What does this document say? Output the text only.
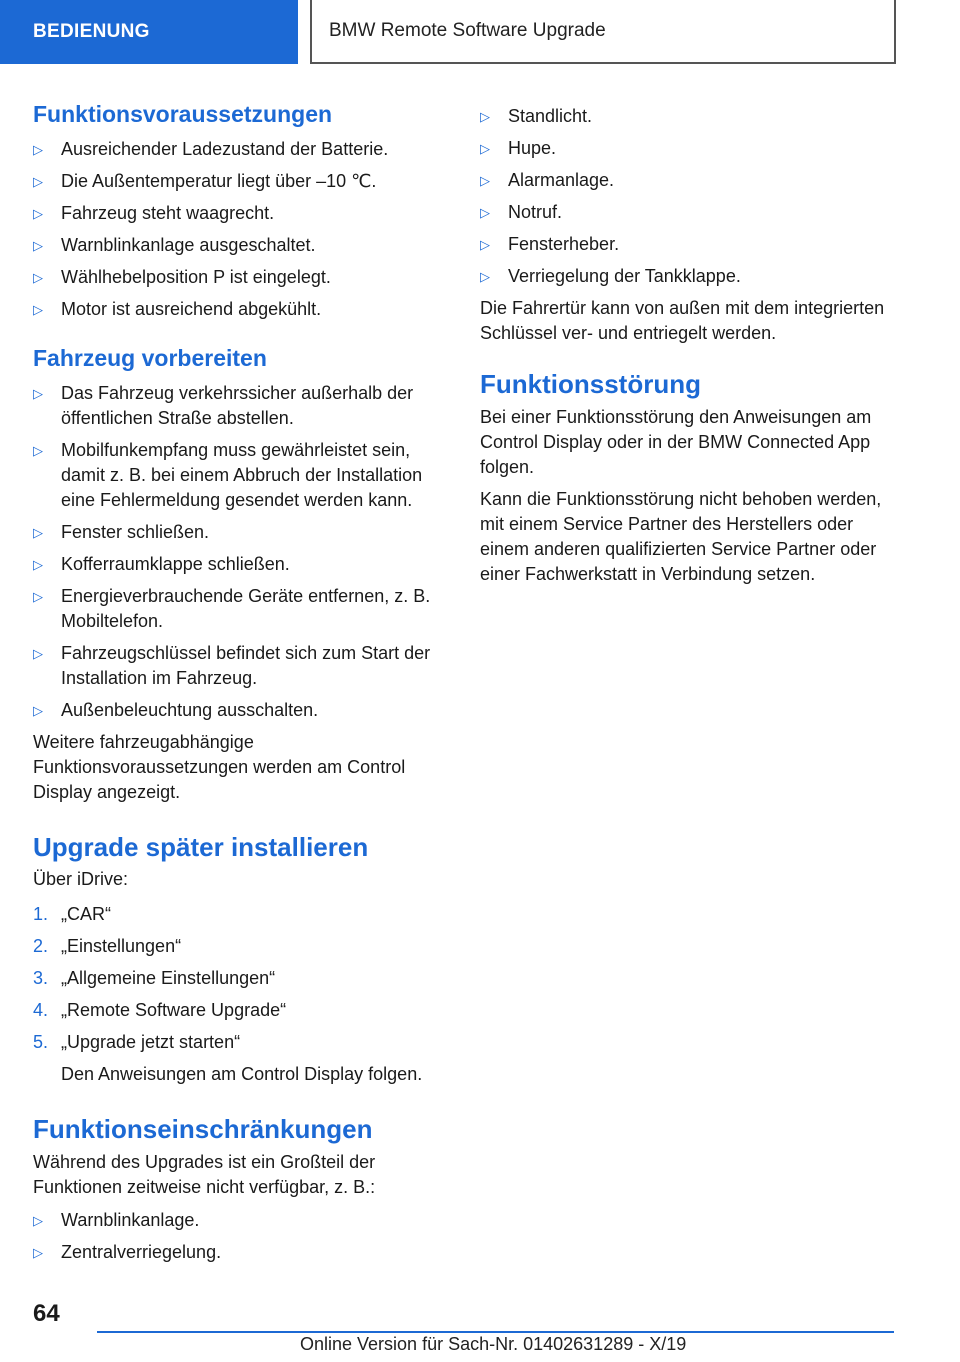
BEDIENUNG	BMW Remote Software Upgrade
Funktionsvoraussetzungen
▷	Ausreichender Ladezustand der Batterie.
▷	Die Außentemperatur liegt über –10 ℃.
▷	Fahrzeug steht waagrecht.
▷	Warnblinkanlage ausgeschaltet.
▷	Wählhebelposition P ist eingelegt.
▷	Motor ist ausreichend abgekühlt.
Fahrzeug vorbereiten
▷	Das Fahrzeug verkehrssicher außerhalb der öffentlichen Straße abstellen.
▷	Mobilfunkempfang muss gewährleistet sein, damit z. B. bei einem Abbruch der Installation eine Fehlermeldung gesendet werden kann.
▷	Fenster schließen.
▷	Kofferraumklappe schließen.
▷	Energieverbrauchende Geräte entfernen, z. B. Mobiltelefon.
▷	Fahrzeugschlüssel befindet sich zum Start der Installation im Fahrzeug.
▷	Außenbeleuchtung ausschalten.

Weitere fahrzeugabhängige Funktionsvoraussetzungen werden am Control Display angezeigt.

Upgrade später installieren

Über iDrive:

1. „CAR“
2. „Einstellungen“
3. „Allgemeine Einstellungen“
4. „Remote Software Upgrade“
5. „Upgrade jetzt starten“

Den Anweisungen am Control Display folgen.

Funktionseinschränkungen

Während des Upgrades ist ein Großteil der Funktionen zeitweise nicht verfügbar, z. B.:

▷	Warnblinkanlage.
▷	Zentralverriegelung.
▷	Standlicht.
▷	Hupe.
▷	Alarmanlage.
▷	Notruf.
▷	Fensterheber.
▷	Verriegelung der Tankklappe.

Die Fahrertür kann von außen mit dem integrierten Schlüssel ver- und entriegelt werden.

Funktionsstörung

Bei einer Funktionsstörung den Anweisungen am Control Display oder in der BMW Connected App folgen.

Kann die Funktionsstörung nicht behoben werden, mit einem Service Partner des Herstellers oder einem anderen qualifizierten Service Partner oder einer Fachwerkstatt in Verbindung setzen.

64
Online Version für Sach-Nr. 01402631289 - X/19
